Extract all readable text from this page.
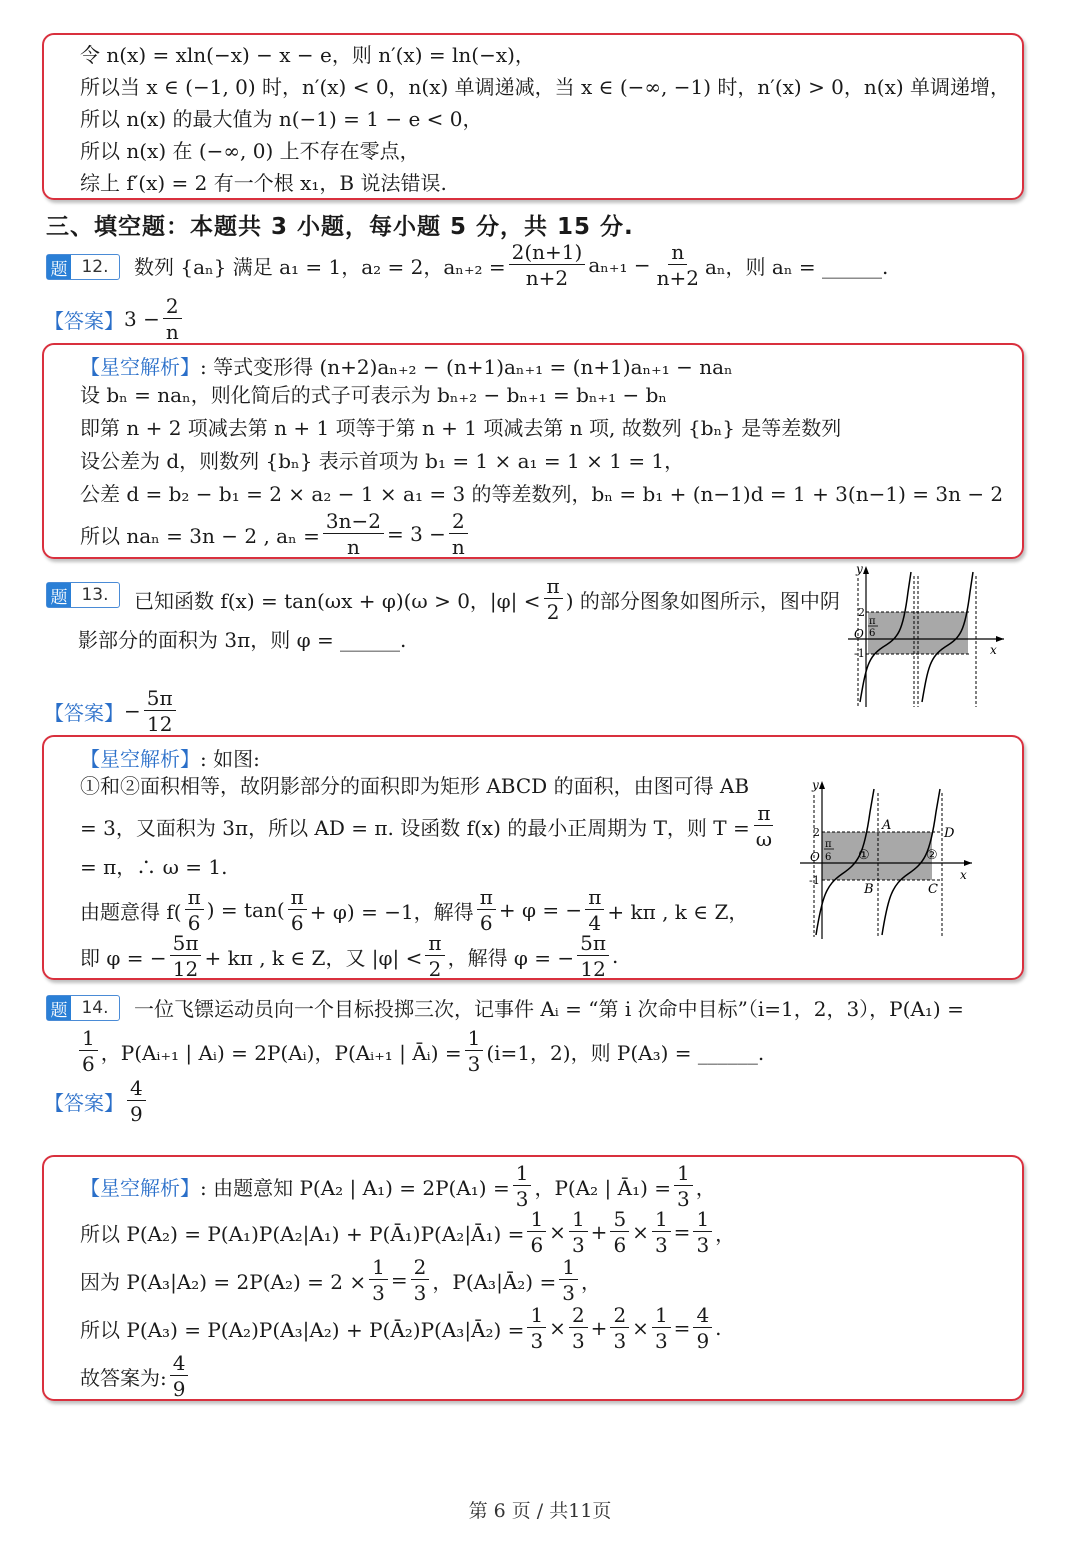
令 n(x) = xln(−x) − x − e，则 n′(x) = ln(−x)，
所以当 x ∈ (−1, 0) 时，n′(x) < 0，n(x) 单调递减，当 x ∈ (−∞, −1) 时，n′(x) > 0，n(x) 单调递增，
所以 n(x) 的最大值为 n(−1) = 1 − e < 0，
所以 n(x) 在 (−∞, 0) 上不存在零点，
综上 f′(x) = 2 有一个根 x₁，B 说法错误.
三、填空题：本题共 3 小题，每小题 5 分，共 15 分.
题 12.	数列 {aₙ} 满足 a₁ = 1，a₂ = 2，$a_{n+2} = \frac{2(n+1)}{n+2} a_{n+1} - \frac{n}{n+2}$ aₙ，则 aₙ = ______.
【答案】 $3 - \frac{2}{n}$
【星空解析】 : 等式变形得 (n+2)aₙ₊₂ − (n+1)aₙ₊₁ = (n+1)aₙ₊₁ − naₙ
设 bₙ = naₙ，则化简后的式子可表示为 bₙ₊₂ − bₙ₊₁ = bₙ₊₁ − bₙ
即第 n + 2 项减去第 n + 1 项等于第 n + 1 项减去第 n 项, 故数列 {bₙ} 是等差数列
设公差为 d，则数列 {bₙ} 表示首项为 b₁ = 1 × a₁ = 1 × 1 = 1，
公差 d = b₂ − b₁ = 2 × a₂ − 1 × a₁ = 3 的等差数列，bₙ = b₁ + (n−1)d = 1 + 3(n−1) = 3n − 2
所以 naₙ = 3n − 2 , $a_n = \frac{3n-2}{n} = 3 - \frac{2}{n}$
题 13.	已知函数 f(x) = tan(ωx + φ)(ω > 0，|φ| <
π
2 ) 的部分图象如图所示，图中阴
影部分的面积为 3π，则 φ = ______.
y
x
O
2
-1
π
6
【答案】 − $\frac{5\pi}{12}$
【星空解析】 : 如图:
①和②面积相等，故阴影部分的面积即为矩形 ABCD 的面积，由图可得 AB
= 3，又面积为 3π，所以 AD = π. 设函数 f(x) 的最小正周期为 T，则 $T = \frac{\pi}{\omega}$
= π，∴ ω = 1.
由题意得 f(
π
6
) = tan(
π
6 + φ) = −1，解得
π
6
+ φ = − $\frac{\pi}{4} + k\pi$ , k ∈ Z，
即 φ = − $\frac{5\pi}{12} + k\pi$ , k ∈ Z，又 |φ| <
π
2 ，解得 φ = − $\frac{5\pi}{12}$ .
y
x
O
2
-1
π
6
A
B	C
D
①	②
题 14.	一位飞镖运动员向一个目标投掷三次，记事件 Aᵢ = “第 i 次命中目标”（i=1，2，3），P(A₁) =
1
6 ，P(Aᵢ₊₁ | Aᵢ) = 2P(Aᵢ)，P(Aᵢ₊₁ | Āᵢ) = $\frac{1}{3} (i=1$，2)，则 P(A₃) = ______.
【答案】
4
9
【星空解析】 : 由题意知 P(A₂ | $A_1) = 2P(A_1) = \frac{1}{3}$ ，P(A₂ | Ā₁) = $\frac{1}{3}$ ，
所以 P(A₂) = P(A₁)P(A₂|A₁) + P(Ā₁)P(A₂|Ā₁) = $\frac{1}{6} \times \frac{1}{3} + \frac{5}{6} \times \frac{1}{3} = \frac{1}{3}$ ，
因为 $P(A_3|A_2) = 2P(A_2) = 2 \times \frac{1}{3} = \frac{2}{3}$ ，P(A₃|Ā₂) = $\frac{1}{3}$ ，
所以 P(A₃) = P(A₂)P(A₃|A₂) + P(Ā₂)P(A₃|Ā₂) = $\frac{1}{3} \times \frac{2}{3} + \frac{2}{3} \times \frac{1}{3} = \frac{4}{9}$ .
故答案为:
4
9
第 6 页 / 共11页
